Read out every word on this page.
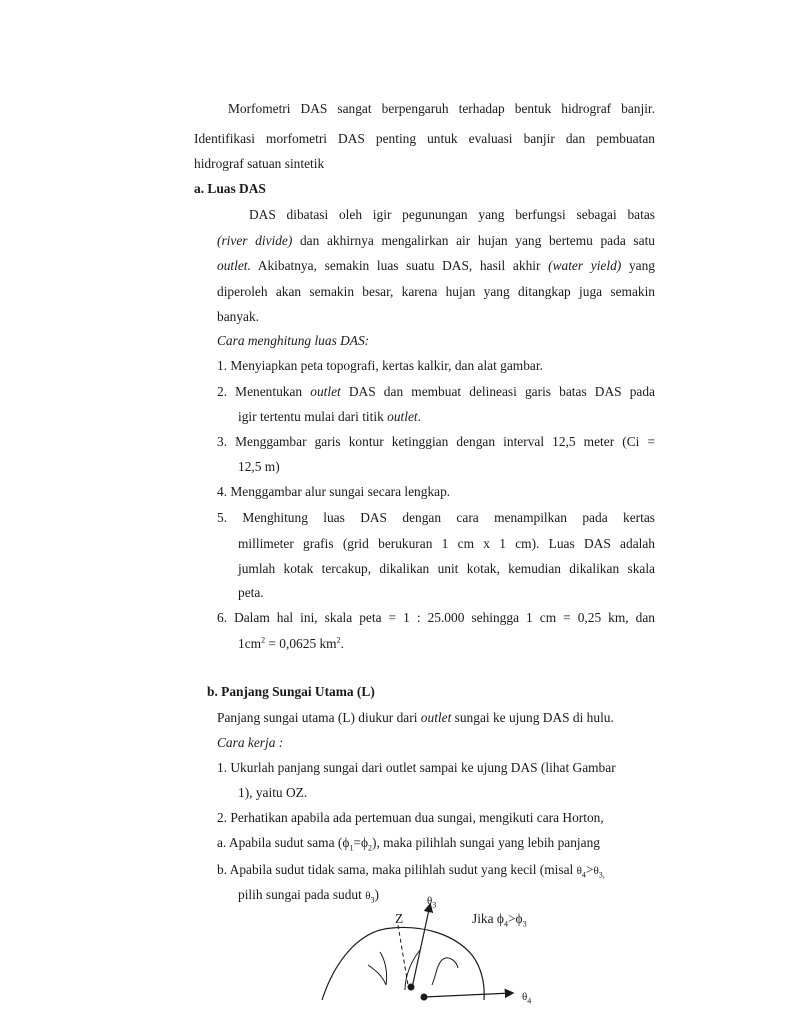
Morfometri DAS sangat berpengaruh terhadap bentuk hidrograf banjir.
Identifikasi morfometri DAS penting untuk evaluasi banjir dan pembuatan
hidrograf satuan sintetik
a. Luas DAS
DAS dibatasi oleh igir pegunungan yang berfungsi sebagai batas
(river divide) dan akhirnya mengalirkan air hujan yang bertemu pada satu
outlet. Akibatnya, semakin luas suatu DAS, hasil akhir (water yield) yang
diperoleh akan semakin besar, karena hujan yang ditangkap juga semakin
banyak.
Cara menghitung luas DAS:
1. Menyiapkan peta topografi, kertas kalkir, dan alat gambar.
2. Menentukan outlet DAS dan membuat delineasi garis batas DAS pada
igir tertentu mulai dari titik outlet.
3. Menggambar garis kontur ketinggian dengan interval 12,5 meter (Ci =
12,5 m)
4. Menggambar alur sungai secara lengkap.
5. Menghitung luas DAS dengan cara menampilkan pada kertas
millimeter grafis (grid berukuran 1 cm x 1 cm). Luas DAS adalah
jumlah kotak tercakup, dikalikan unit kotak, kemudian dikalikan skala
peta.
6. Dalam hal ini, skala peta = 1 : 25.000 sehingga 1 cm = 0,25 km, dan
$1cm^2 = 0,0625$ $km^2$.
b. Panjang Sungai Utama (L)
Panjang sungai utama (L) diukur dari outlet sungai ke ujung DAS di hulu.
Cara kerja :
1. Ukurlah panjang sungai dari outlet sampai ke ujung DAS (lihat Gambar
1), yaitu OZ.
2. Perhatikan apabila ada pertemuan dua sungai, mengikuti cara Horton,
a. Apabila sudut sama $(\phi_1=\phi_2)$, maka pilihlah sungai yang lebih panjang
b. Apabila sudut tidak sama, maka pilihlah sudut yang kecil (misal $\theta_4>\theta_{3,}$
pilih sungai pada sudut $\theta_3$)	$\theta_3$
Z	Jika $\phi_4>\phi_3$
$\theta_4$
